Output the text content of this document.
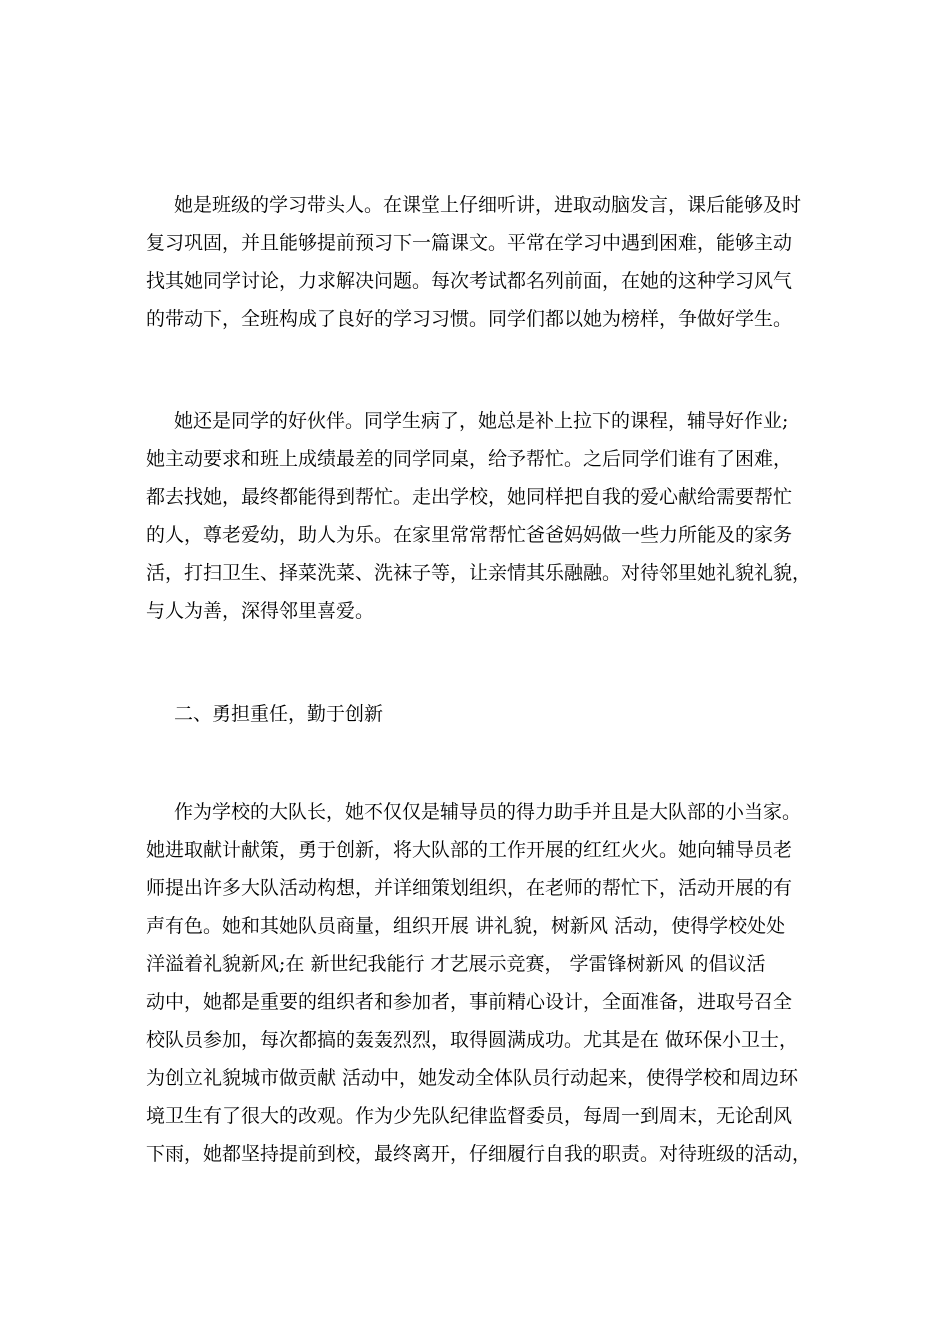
她是班级的学习带头人。在课堂上仔细听讲，进取动脑发言，课后能够及时
复习巩固，并且能够提前预习下一篇课文。平常在学习中遇到困难，能够主动
找其她同学讨论，力求解决问题。每次考试都名列前面，在她的这种学习风气
的带动下，全班构成了良好的学习习惯。同学们都以她为榜样，争做好学生。
她还是同学的好伙伴。同学生病了，她总是补上拉下的课程，辅导好作业;
她主动要求和班上成绩最差的同学同桌，给予帮忙。之后同学们谁有了困难，
都去找她，最终都能得到帮忙。走出学校，她同样把自我的爱心献给需要帮忙
的人，尊老爱幼，助人为乐。在家里常常帮忙爸爸妈妈做一些力所能及的家务
活，打扫卫生、择菜洗菜、洗袜子等，让亲情其乐融融。对待邻里她礼貌礼貌，
与人为善，深得邻里喜爱。
二、勇担重任，勤于创新
作为学校的大队长，她不仅仅是辅导员的得力助手并且是大队部的小当家。
她进取献计献策，勇于创新，将大队部的工作开展的红红火火。她向辅导员老
师提出许多大队活动构想，并详细策划组织，在老师的帮忙下，活动开展的有
声有色。她和其她队员商量，组织开展 讲礼貌，树新风 活动，使得学校处处
洋溢着礼貌新风;在 新世纪我能行 才艺展示竞赛， 学雷锋树新风 的倡议活
动中，她都是重要的组织者和参加者，事前精心设计，全面准备，进取号召全
校队员参加，每次都搞的轰轰烈烈，取得圆满成功。尤其是在 做环保小卫士，
为创立礼貌城市做贡献 活动中，她发动全体队员行动起来，使得学校和周边环
境卫生有了很大的改观。作为少先队纪律监督委员，每周一到周末，无论刮风
下雨，她都坚持提前到校，最终离开，仔细履行自我的职责。对待班级的活动，
